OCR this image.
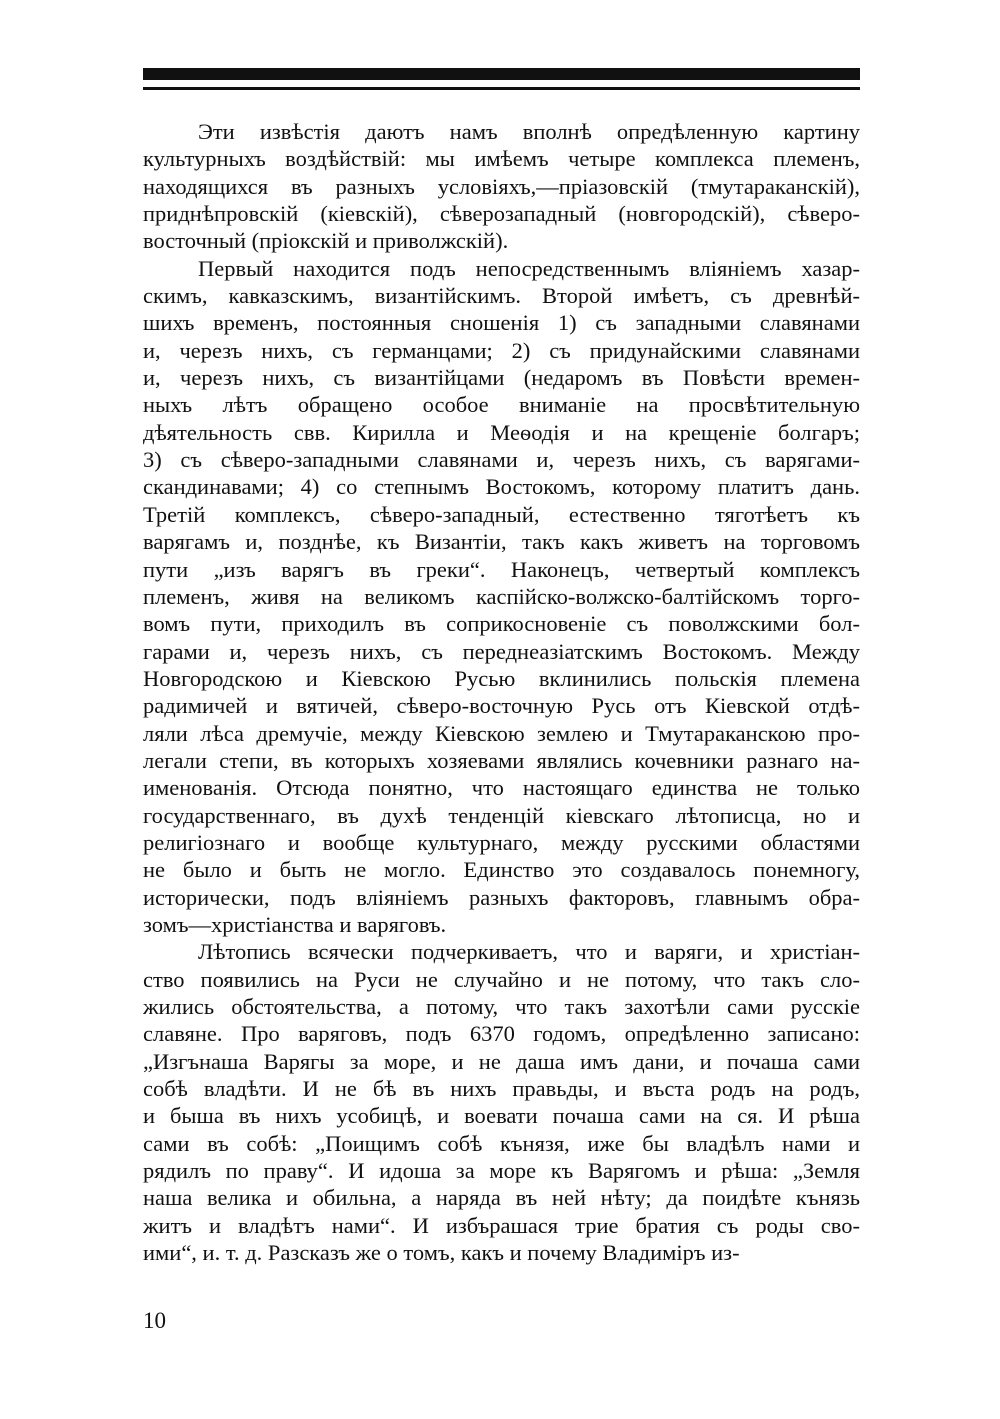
Эти извѣстія даютъ намъ вполнѣ опредѣленную картину
культурныхъ воздѣйствій: мы имѣемъ четыре комплекса племенъ,
находящихся въ разныхъ условіяхъ,—пріазовскій (тмутараканскій),
приднѣпровскій (кіевскій), сѣверозападный (новгородскій), сѣверо-
восточный (пріокскій и приволжскій).
Первый находится подъ непосредственнымъ вліяніемъ хазар-
скимъ, кавказскимъ, византійскимъ. Второй имѣетъ, съ древнѣй-
шихъ временъ, постоянныя сношенія 1) съ западными славянами
и, черезъ нихъ, съ германцами; 2) съ придунайскими славянами
и, черезъ нихъ, съ византійцами (недаромъ въ Повѣсти времен-
ныхъ лѣтъ обращено особое вниманіе на просвѣтительную
дѣятельность свв. Кирилла и Меѳодія и на крещеніе болгаръ;
3) съ сѣверо-западными славянами и, черезъ нихъ, съ варягами-
скандинавами; 4) со степнымъ Востокомъ, которому платитъ дань.
Третій комплексъ, сѣверо-западный, естественно тяготѣетъ къ
варягамъ и, позднѣе, къ Византіи, такъ какъ живетъ на торговомъ
пути „изъ варягъ въ греки“. Наконецъ, четвертый комплексъ
племенъ, живя на великомъ каспійско-волжско-балтійскомъ торго-
вомъ пути, приходилъ въ соприкосновеніе съ поволжскими бол-
гарами и, черезъ нихъ, съ переднеазіатскимъ Востокомъ. Между
Новгородскою и Кіевскою Русью вклинились польскія племена
радимичей и вятичей, сѣверо-восточную Русь отъ Кіевской отдѣ-
ляли лѣса дремучіе, между Кіевскою землею и Тмутараканскою про-
легали степи, въ которыхъ хозяевами являлись кочевники разнаго на-
именованія. Отсюда понятно, что настоящаго единства не только
государственнаго, въ духѣ тенденцій кіевскаго лѣтописца, но и
религіознаго и вообще культурнаго, между русскими областями
не было и быть не могло. Единство это создавалось понемногу,
исторически, подъ вліяніемъ разныхъ факторовъ, главнымъ обра-
зомъ—христіанства и варяговъ.
Лѣтопись всячески подчеркиваетъ, что и варяги, и христіан-
ство появились на Руси не случайно и не потому, что такъ сло-
жились обстоятельства, а потому, что такъ захотѣли сами русскіе
славяне. Про варяговъ, подъ 6370 годомъ, опредѣленно записано:
„Изгънаша Варягы за море, и не даша имъ дани, и почаша сами
собѣ владѣти. И не бѣ въ нихъ правьды, и въста родъ на родъ,
и быша въ нихъ усобицѣ, и воевати почаша сами на ся. И рѣша
сами въ собѣ: „Поищимъ собѣ кънязя, иже бы владѣлъ нами и
рядилъ по праву“. И идоша за море къ Варягомъ и рѣша: „Земля
наша велика и обильна, а наряда въ ней нѣту; да поидѣте кънязь
житъ и владѣтъ нами“. И избърашася трие братия съ роды сво-
ими“, и. т. д. Разсказъ же о томъ, какъ и почему Владиміръ из-
10
